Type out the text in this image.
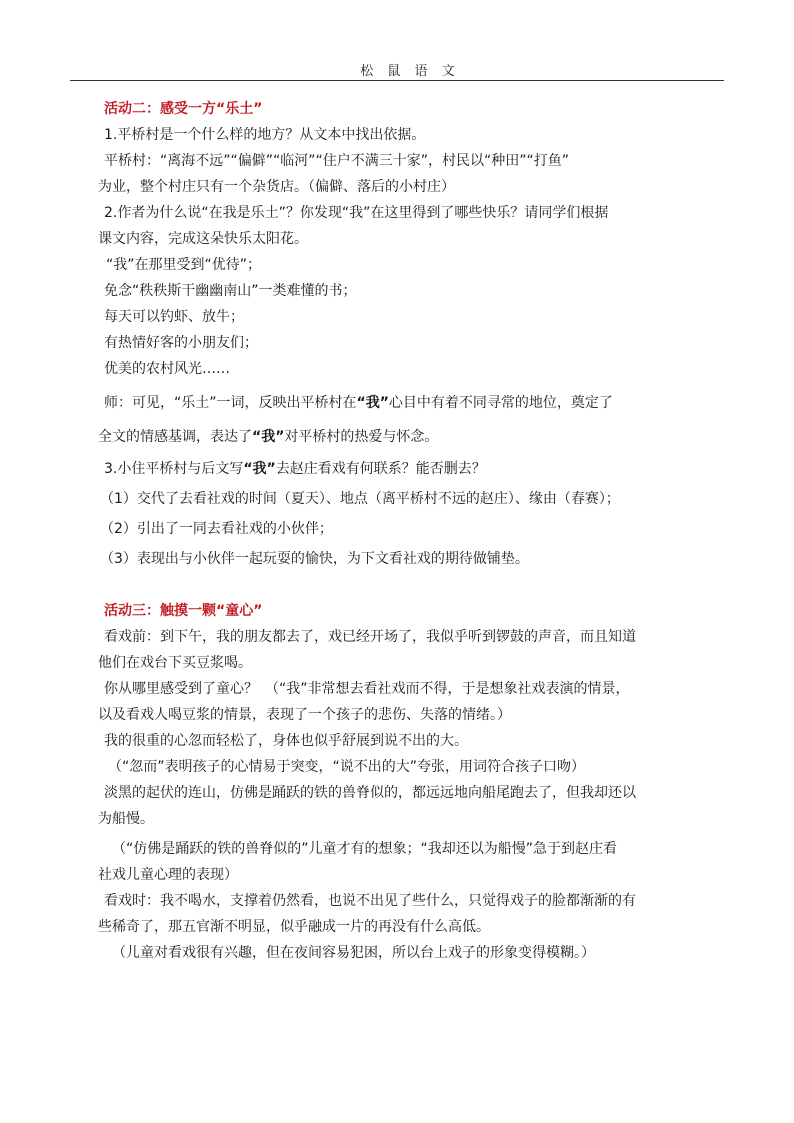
松 鼠 语 文
活动二：感受一方“乐土”
1.平桥村是一个什么样的地方？从文本中找出依据。
平桥村：“离海不远”“偏僻”“临河”“住户不满三十家”，村民以“种田”“打鱼”
为业，整个村庄只有一个杂货店。（偏僻、落后的小村庄）
2.作者为什么说“在我是乐土”？你发现“我”在这里得到了哪些快乐？请同学们根据
课文内容，完成这朵快乐太阳花。
“我”在那里受到“优待”；
免念“秩秩斯干幽幽南山”一类难懂的书；
每天可以钓虾、放牛；
有热情好客的小朋友们；
优美的农村风光……
师：可见，“乐土”一词，反映出平桥村在“我”心目中有着不同寻常的地位，奠定了
全文的情感基调，表达了“我”对平桥村的热爱与怀念。
3.小住平桥村与后文写“我”去赵庄看戏有何联系？能否删去？
（1）交代了去看社戏的时间（夏天）、地点（离平桥村不远的赵庄）、缘由（春赛）；
（2）引出了一同去看社戏的小伙伴；
（3）表现出与小伙伴一起玩耍的愉快，为下文看社戏的期待做铺垫。
活动三：触摸一颗“童心”
看戏前：到下午，我的朋友都去了，戏已经开场了，我似乎听到锣鼓的声音，而且知道
他们在戏台下买豆浆喝。
你从哪里感受到了童心？　（“我”非常想去看社戏而不得，于是想象社戏表演的情景，
以及看戏人喝豆浆的情景，表现了一个孩子的悲伤、失落的情绪。）
我的很重的心忽而轻松了，身体也似乎舒展到说不出的大。
（“忽而”表明孩子的心情易于突变，“说不出的大”夸张，用词符合孩子口吻）
淡黑的起伏的连山，仿佛是踊跃的铁的兽脊似的，都远远地向船尾跑去了，但我却还以
为船慢。
（“仿佛是踊跃的铁的兽脊似的”儿童才有的想象；“我却还以为船慢”急于到赵庄看
社戏儿童心理的表现）
看戏时：我不喝水，支撑着仍然看，也说不出见了些什么，只觉得戏子的脸都渐渐的有
些稀奇了，那五官渐不明显，似乎融成一片的再没有什么高低。
（儿童对看戏很有兴趣，但在夜间容易犯困，所以台上戏子的形象变得模糊。）
